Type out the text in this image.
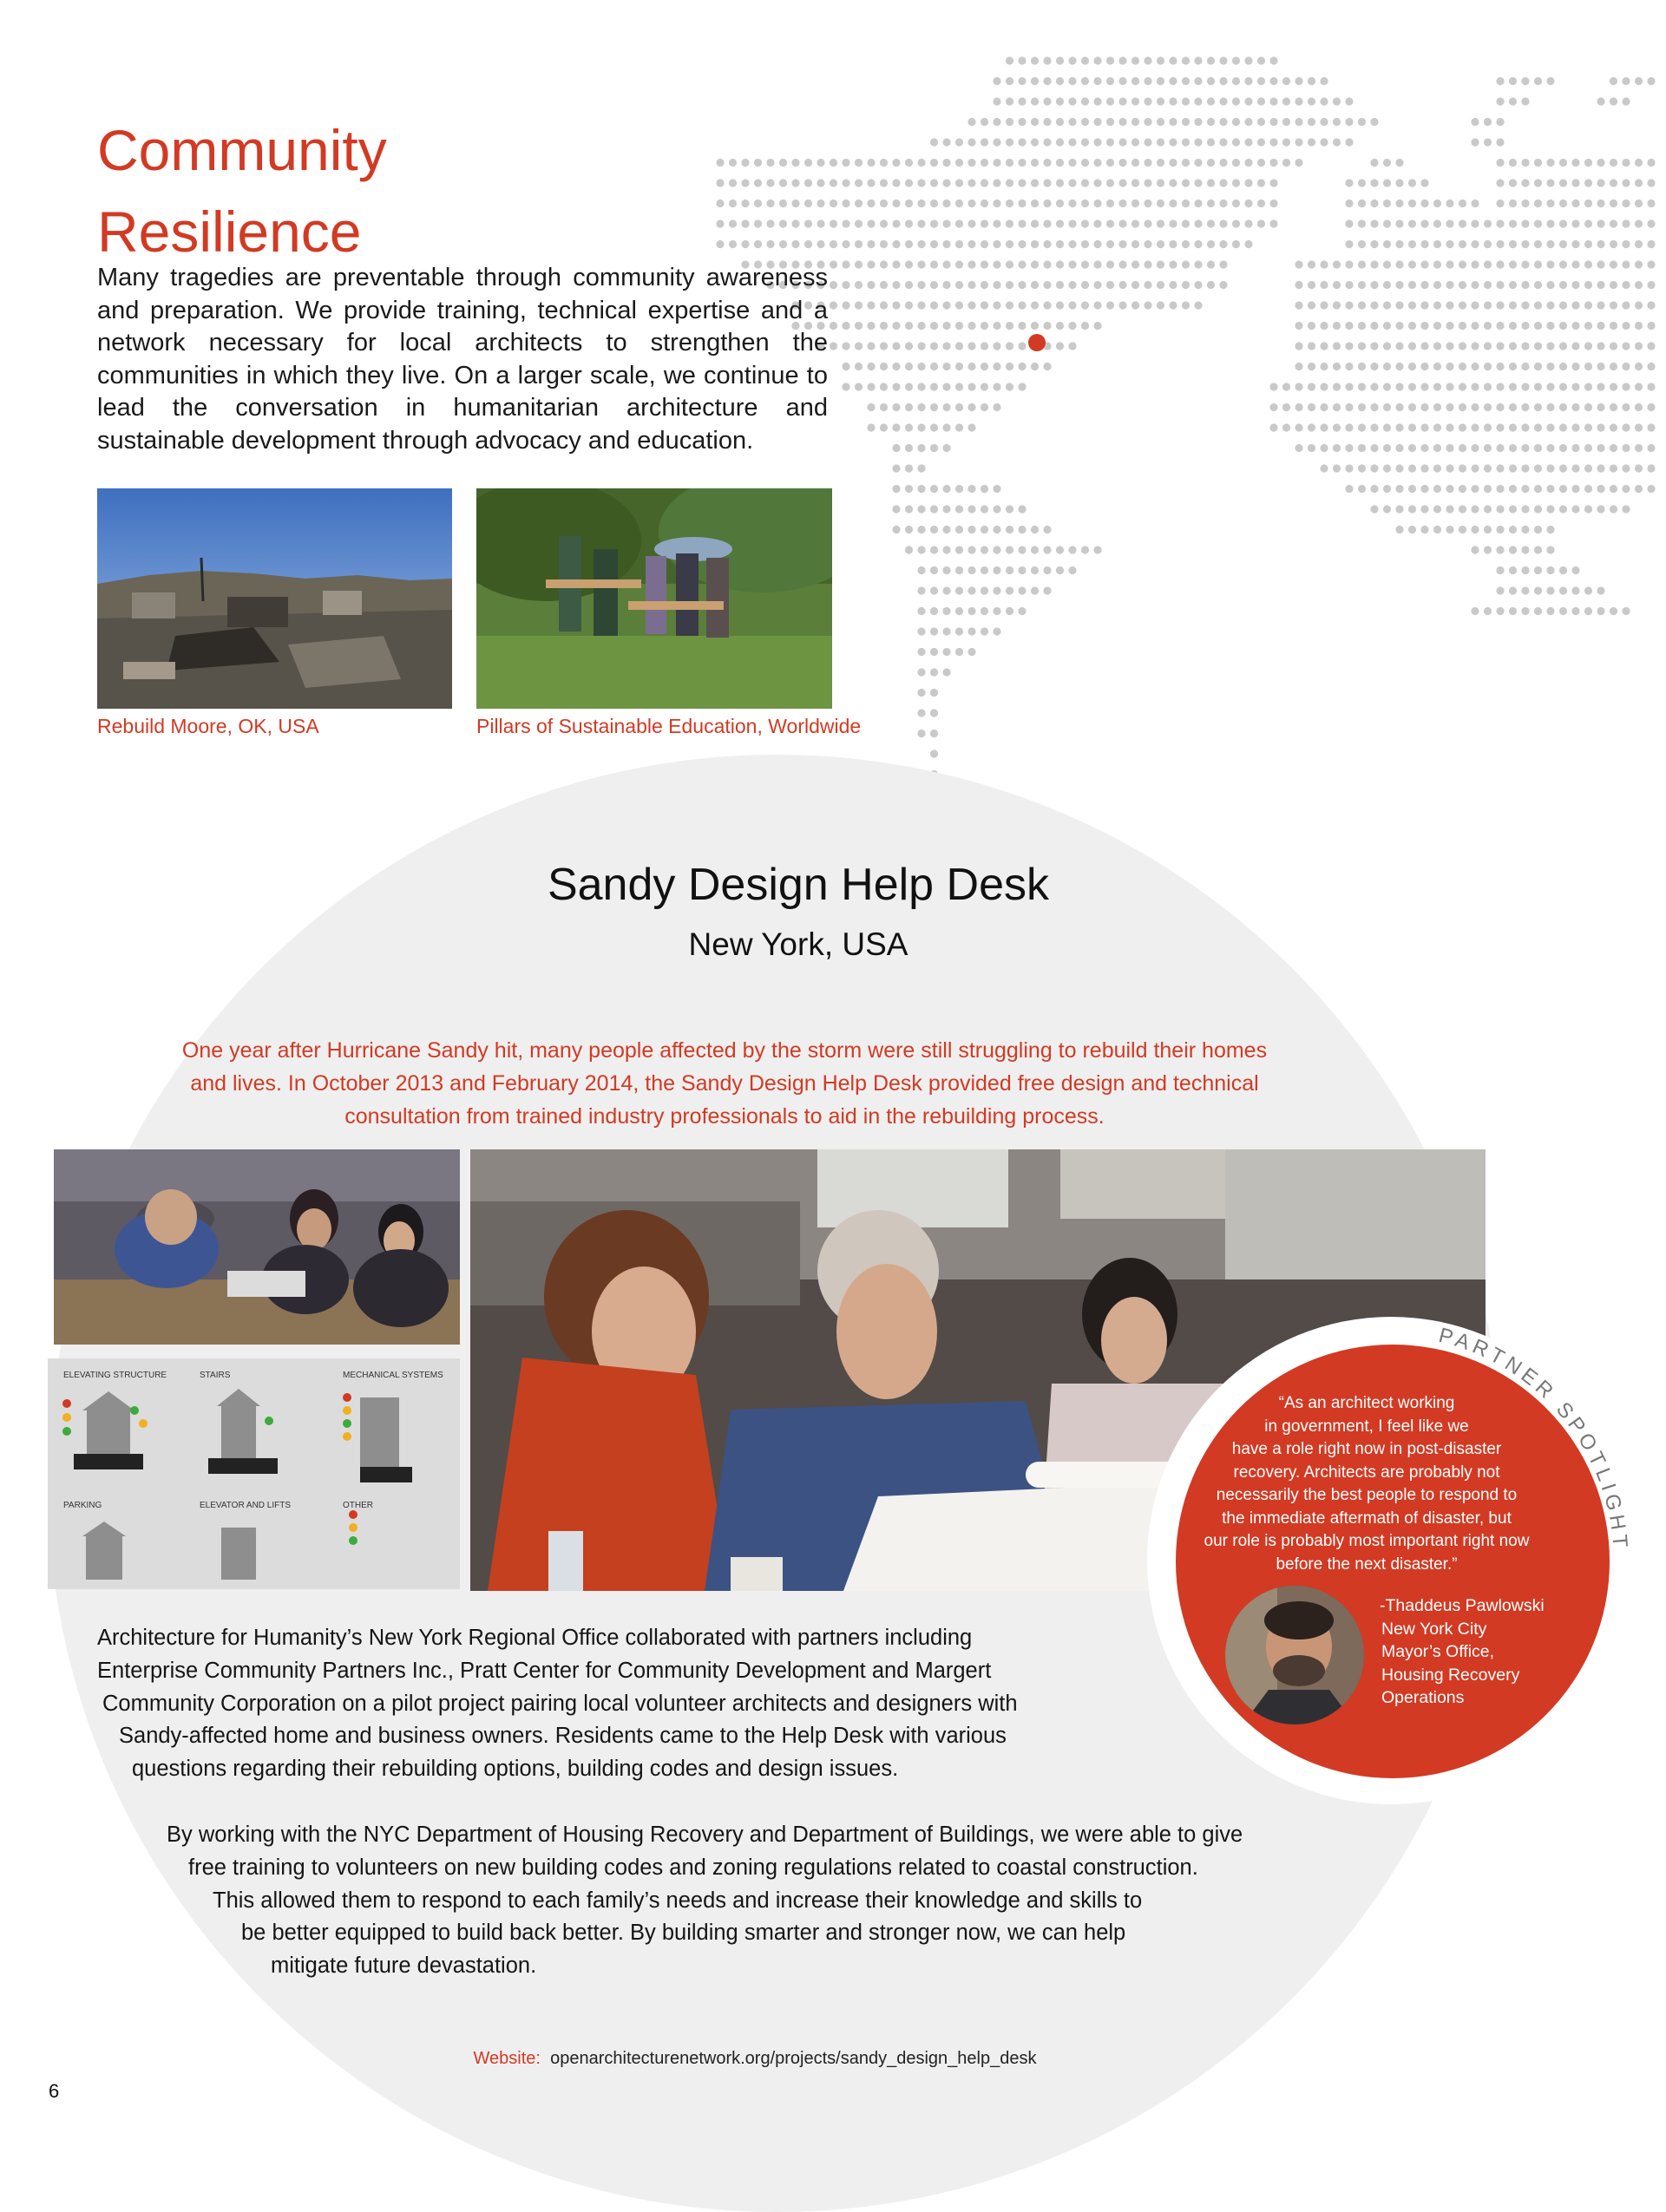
Community
Resilience

Many tragedies are preventable through community awareness and preparation. We provide training, technical expertise and a network necessary for local architects to strengthen the communities in which they live. On a larger scale, we continue to lead the conversation in humanitarian architecture and sustainable development through advocacy and education.

Rebuild Moore, OK, USA	Pillars of Sustainable Education, Worldwide
Sandy Design Help Desk
New York, USA
One year after Hurricane Sandy hit, many people affected by the storm were still struggling to rebuild their homes and lives. In October 2013 and February 2014, the Sandy Design Help Desk provided free design and technical consultation from trained industry professionals to aid in the rebuilding process.
ELEVATING STRUCTURE	STAIRS	MECHANICAL SYSTEMS
PARKING	ELEVATOR AND LIFTS	OTHER
Architecture for Humanity’s New York Regional Office collaborated with partners including
Enterprise Community Partners Inc., Pratt Center for Community Development and Margert
Community Corporation on a pilot project pairing local volunteer architects and designers with
Sandy-affected home and business owners. Residents came to the Help Desk with various
questions regarding their rebuilding options, building codes and design issues.
By working with the NYC Department of Housing Recovery and Department of Buildings, we were able to give
free training to volunteers on new building codes and zoning regulations related to coastal construction.
This allowed them to respond to each family’s needs and increase their knowledge and skills to
be better equipped to build back better. By building smarter and stronger now, we can help
mitigate future devastation.
Website: openarchitecturenetwork.org/projects/sandy_design_help_desk
PARTNER SPOTLIGHT
“As an architect working
in government, I feel like we
have a role right now in post-disaster
recovery. Architects are probably not
necessarily the best people to respond to
the immediate aftermath of disaster, but
our role is probably most important right now
before the next disaster.”
-Thaddeus Pawlowski
New York City
Mayor’s Office,
Housing Recovery
Operations
6
